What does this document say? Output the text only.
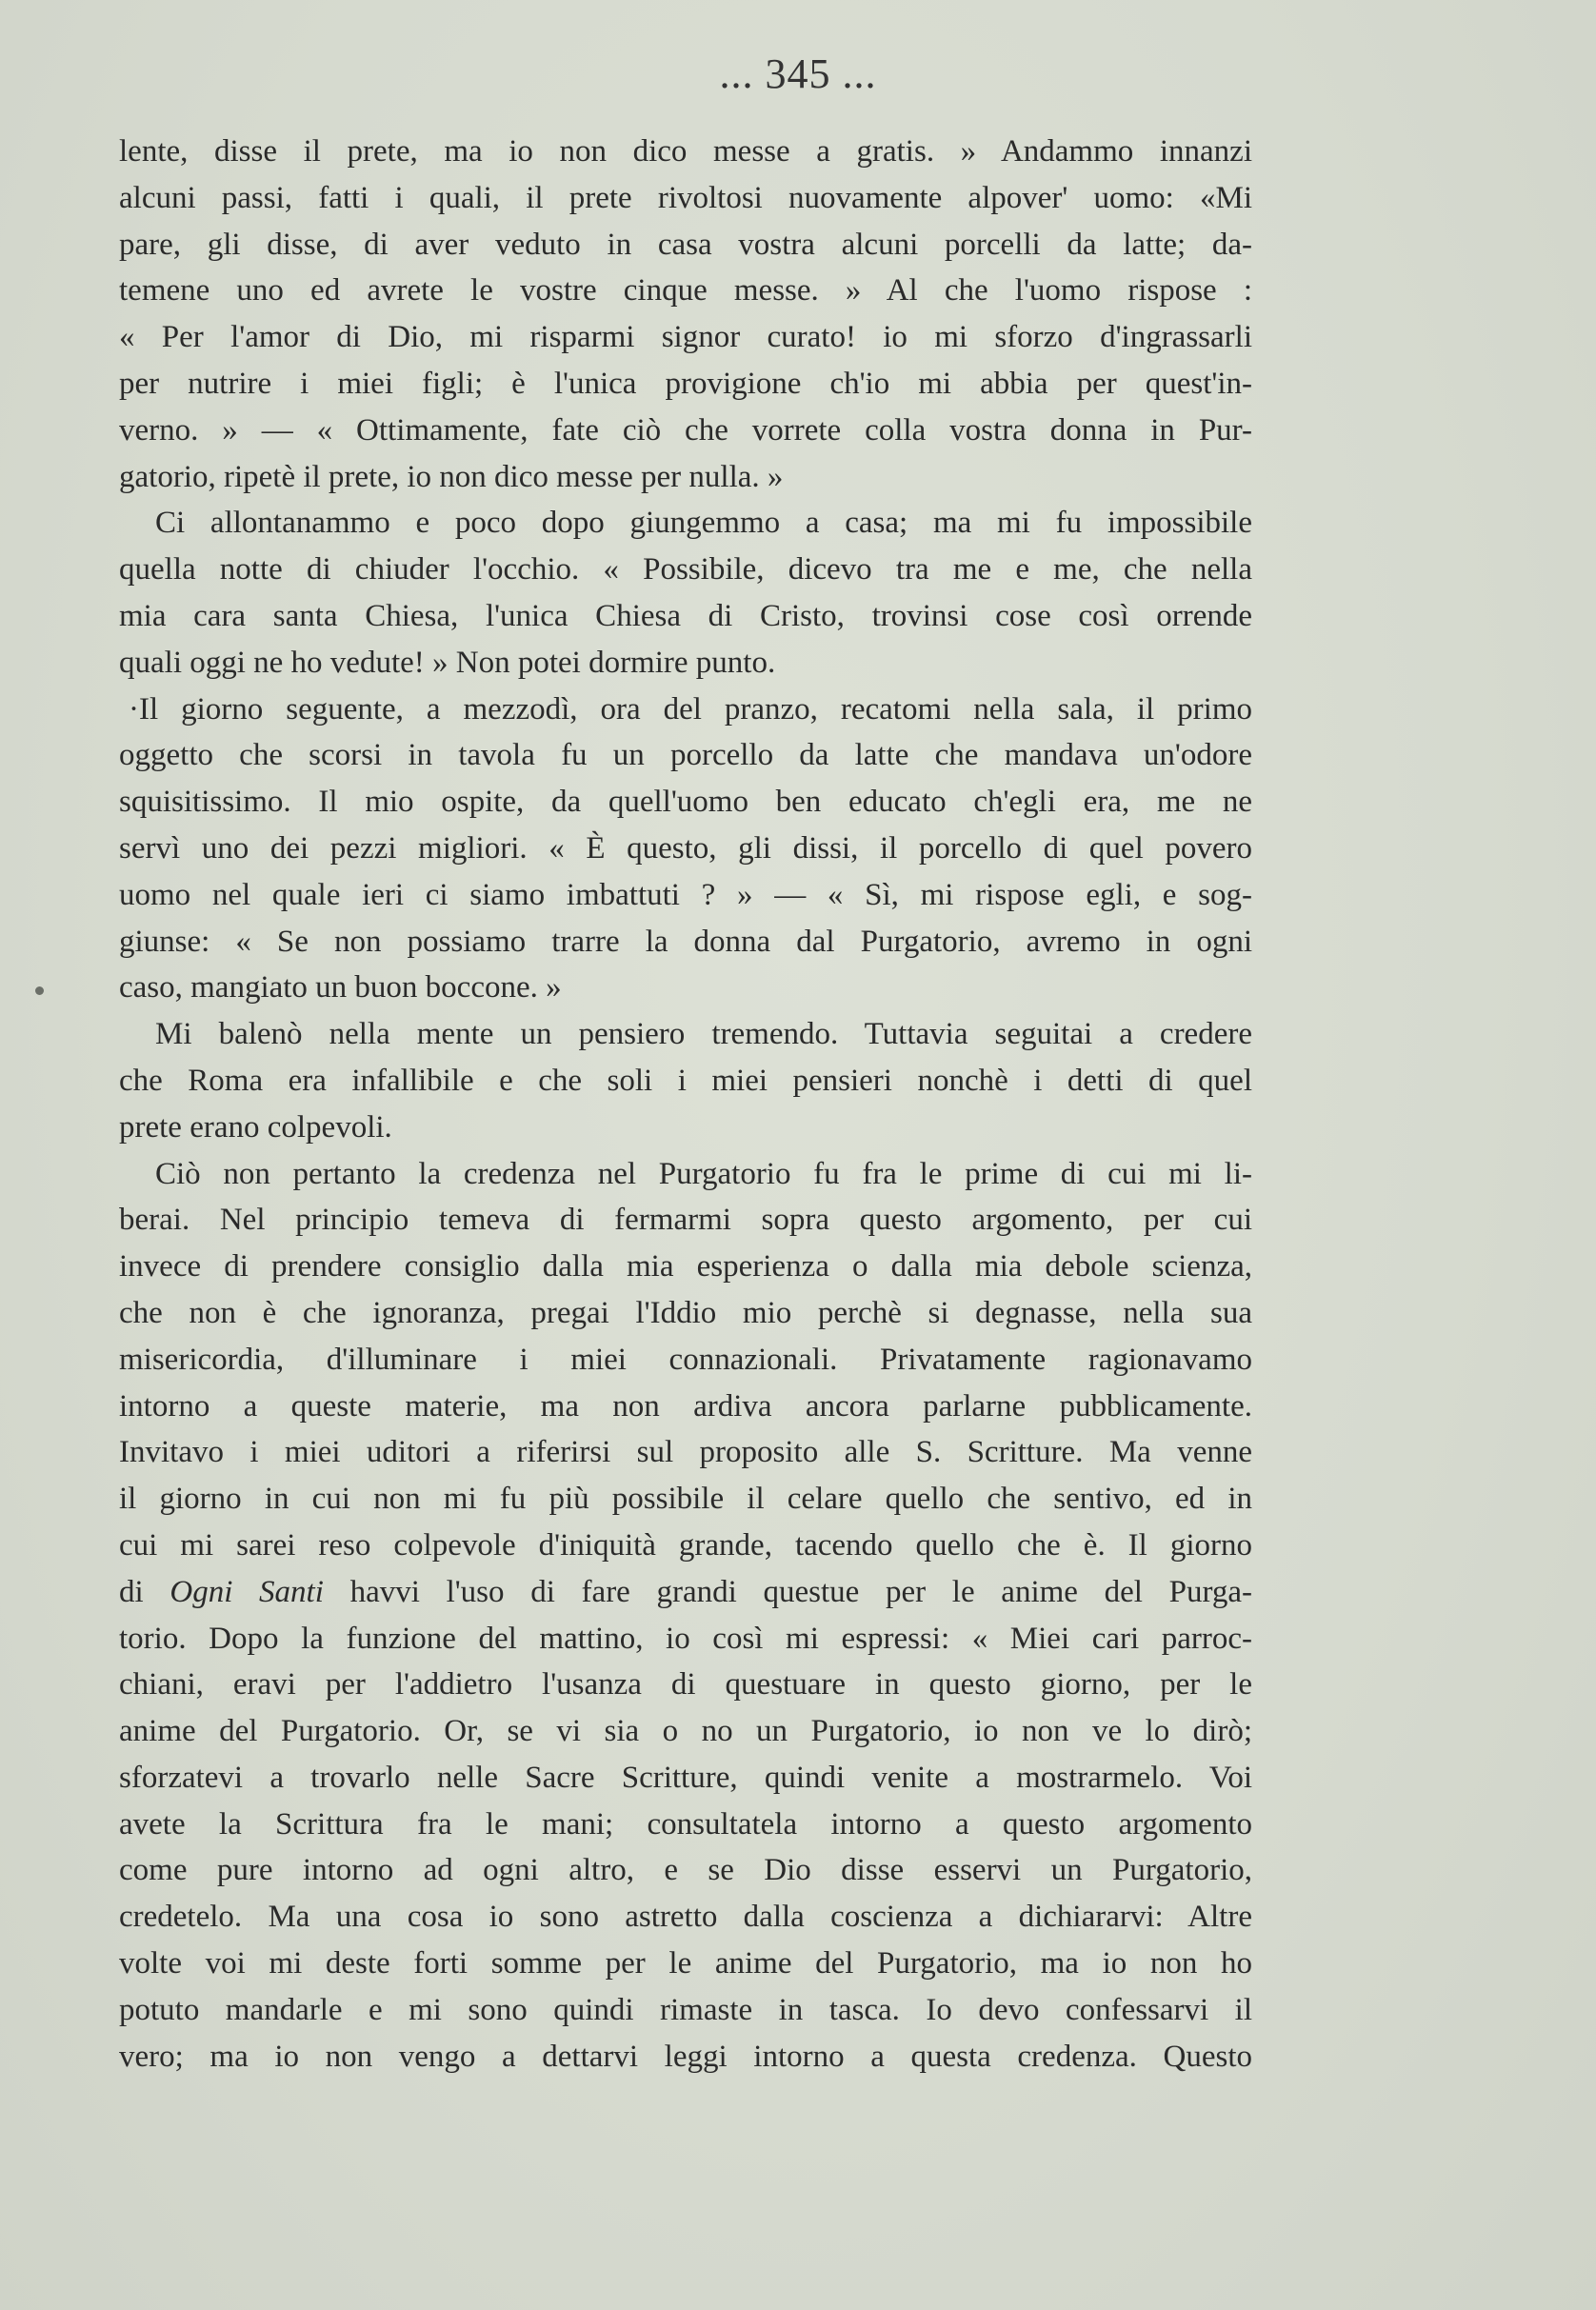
... 345 ...
lente, disse il prete, ma io non dico messe a gratis. » Andammo innanzi
alcuni passi, fatti i quali, il prete rivoltosi nuovamente alpover' uomo: «Mi
pare, gli disse, di aver veduto in casa vostra alcuni porcelli da latte; da-
temene uno ed avrete le vostre cinque messe. » Al che l'uomo rispose :
« Per l'amor di Dio, mi risparmi signor curato! io mi sforzo d'ingrassarli
per nutrire i miei figli; è l'unica provigione ch'io mi abbia per quest'in-
verno. » — « Ottimamente, fate ciò che vorrete colla vostra donna in Pur-
gatorio, ripetè il prete, io non dico messe per nulla. »
Ci allontanammo e poco dopo giungemmo a casa; ma mi fu impossibile
quella notte di chiuder l'occhio. « Possibile, dicevo tra me e me, che nella
mia cara santa Chiesa, l'unica Chiesa di Cristo, trovinsi cose così orrende
quali oggi ne ho vedute! » Non potei dormire punto.
·Il giorno seguente, a mezzodì, ora del pranzo, recatomi nella sala, il primo
oggetto che scorsi in tavola fu un porcello da latte che mandava un'odore
squisitissimo. Il mio ospite, da quell'uomo ben educato ch'egli era, me ne
servì uno dei pezzi migliori. « È questo, gli dissi, il porcello di quel povero
uomo nel quale ieri ci siamo imbattuti ? » — « Sì, mi rispose egli, e sog-
giunse: « Se non possiamo trarre la donna dal Purgatorio, avremo in ogni
caso, mangiato un buon boccone. »
Mi balenò nella mente un pensiero tremendo. Tuttavia seguitai a credere
che Roma era infallibile e che soli i miei pensieri nonchè i detti di quel
prete erano colpevoli.
Ciò non pertanto la credenza nel Purgatorio fu fra le prime di cui mi li-
berai. Nel principio temeva di fermarmi sopra questo argomento, per cui
invece di prendere consiglio dalla mia esperienza o dalla mia debole scienza,
che non è che ignoranza, pregai l'Iddio mio perchè si degnasse, nella sua
misericordia, d'illuminare i miei connazionali. Privatamente ragionavamo
intorno a queste materie, ma non ardiva ancora parlarne pubblicamente.
Invitavo i miei uditori a riferirsi sul proposito alle S. Scritture. Ma venne
il giorno in cui non mi fu più possibile il celare quello che sentivo, ed in
cui mi sarei reso colpevole d'iniquità grande, tacendo quello che è. Il giorno
di Ogni Santi havvi l'uso di fare grandi questue per le anime del Purga-
torio. Dopo la funzione del mattino, io così mi espressi: « Miei cari parroc-
chiani, eravi per l'addietro l'usanza di questuare in questo giorno, per le
anime del Purgatorio. Or, se vi sia o no un Purgatorio, io non ve lo dirò;
sforzatevi a trovarlo nelle Sacre Scritture, quindi venite a mostrarmelo. Voi
avete la Scrittura fra le mani; consultatela intorno a questo argomento
come pure intorno ad ogni altro, e se Dio disse esservi un Purgatorio,
credetelo. Ma una cosa io sono astretto dalla coscienza a dichiararvi: Altre
volte voi mi deste forti somme per le anime del Purgatorio, ma io non ho
potuto mandarle e mi sono quindi rimaste in tasca. Io devo confessarvi il
vero; ma io non vengo a dettarvi leggi intorno a questa credenza. Questo
